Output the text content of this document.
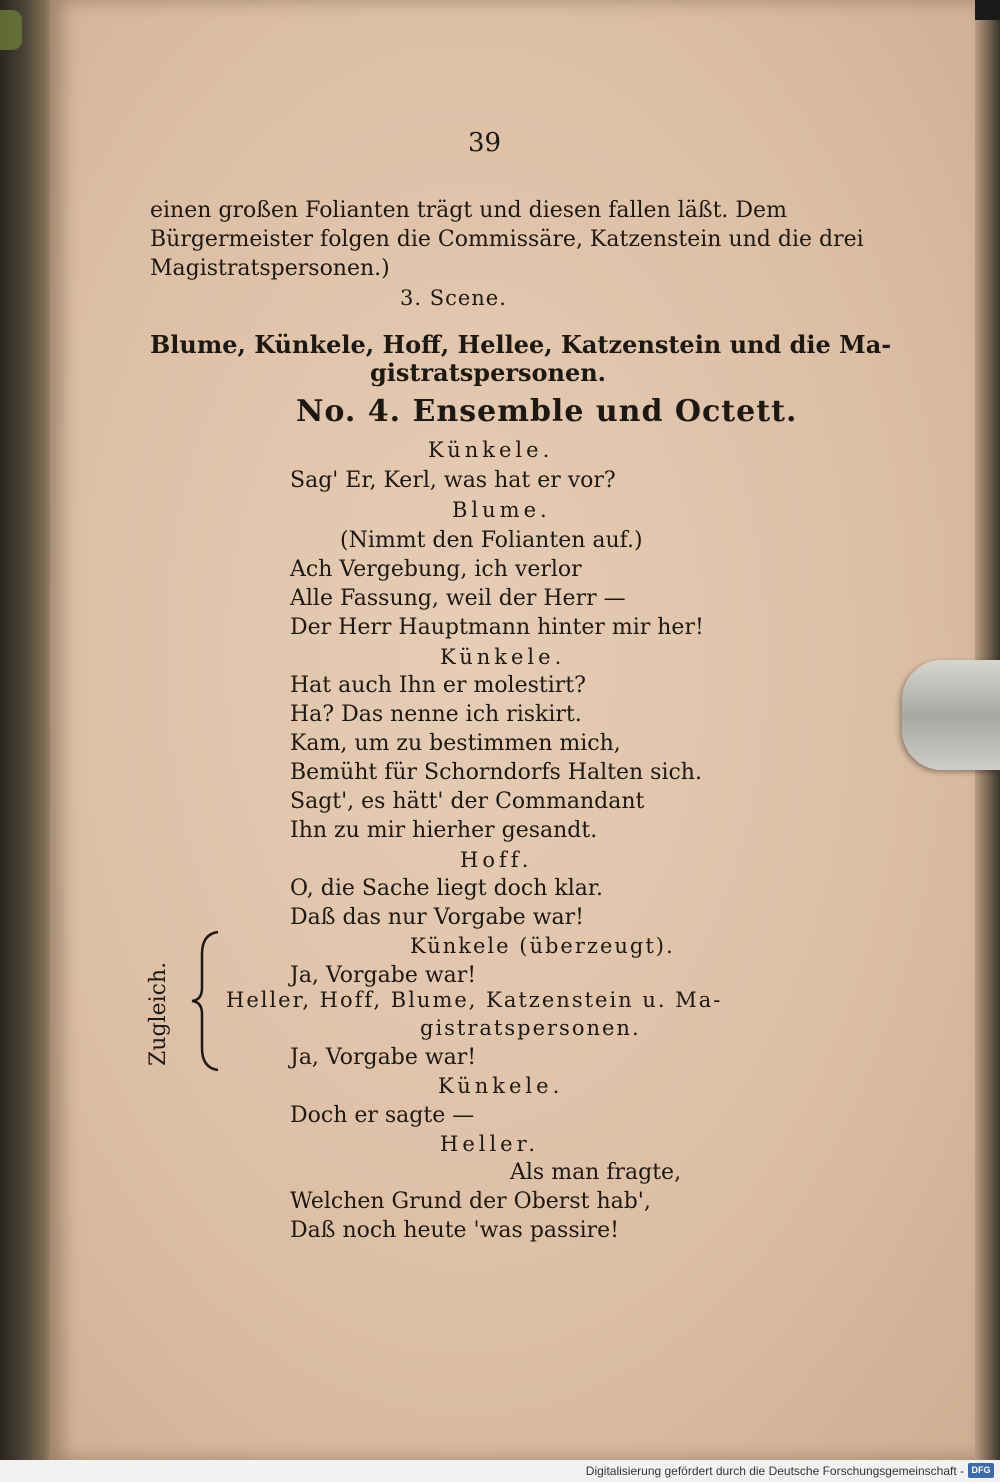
39
einen großen Folianten trägt und diesen fallen läßt. Dem
Bürgermeister folgen die Commissäre, Katzenstein und die drei
Magistratspersonen.)
3. Scene.
Blume, Künkele, Hoff, Hellee, Katzenstein und die Ma-
gistratspersonen.
No. 4. Ensemble und Octett.
Künkele.
Sag' Er, Kerl, was hat er vor?
Blume.
(Nimmt den Folianten auf.)
Ach Vergebung, ich verlor
Alle Fassung, weil der Herr —
Der Herr Hauptmann hinter mir her!
Künkele.
Hat auch Ihn er molestirt?
Ha? Das nenne ich riskirt.
Kam, um zu bestimmen mich,
Bemüht für Schorndorfs Halten sich.
Sagt', es hätt' der Commandant
Ihn zu mir hierher gesandt.
Hoff.
O, die Sache liegt doch klar.
Daß das nur Vorgabe war!
Künkele (überzeugt).
Ja, Vorgabe war!
Heller, Hoff, Blume, Katzenstein u. Ma-
gistratspersonen.
Ja, Vorgabe war!
Künkele.
Doch er sagte —
Heller.
Als man fragte,
Welchen Grund der Oberst hab',
Daß noch heute 'was passire!
Zugleich.
Digitalisierung gefördert durch die Deutsche Forschungsgemeinschaft - DFG
